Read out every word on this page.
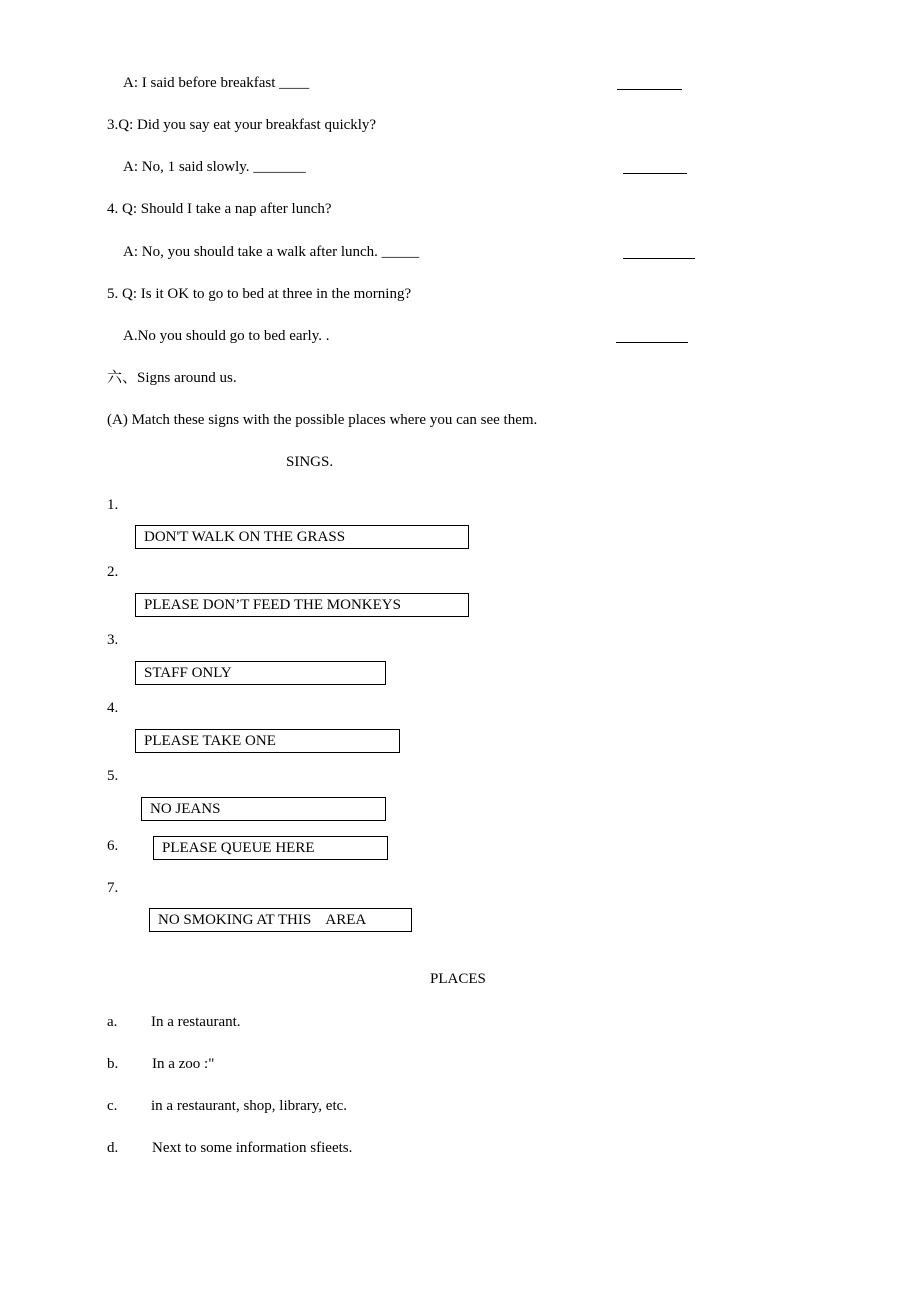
A: I said before breakfast ____
3.Q: Did you say eat your breakfast quickly?
A: No, 1 said slowly. _______
4. Q: Should I take a nap after lunch?
A: No, you should take a walk after lunch. _____
5. Q: Is it OK to go to bed at three in the morning?
A.No you should go to bed early. .
六、Signs around us.
(A) Match these signs with the possible places where you can see them.
SINGS.
1.
DON'T WALK ON THE GRASS
2.
PLEASE DON’T FEED THE MONKEYS
3.
STAFF ONLY
4.
PLEASE TAKE ONE
5.
NO JEANS
6.	PLEASE QUEUE HERE
7.
NO SMOKING AT THIS    AREA
PLACES
a. In a restaurant.
b. In a zoo :"
c. in a restaurant, shop, library, etc.
d. Next to some information sfieets.
